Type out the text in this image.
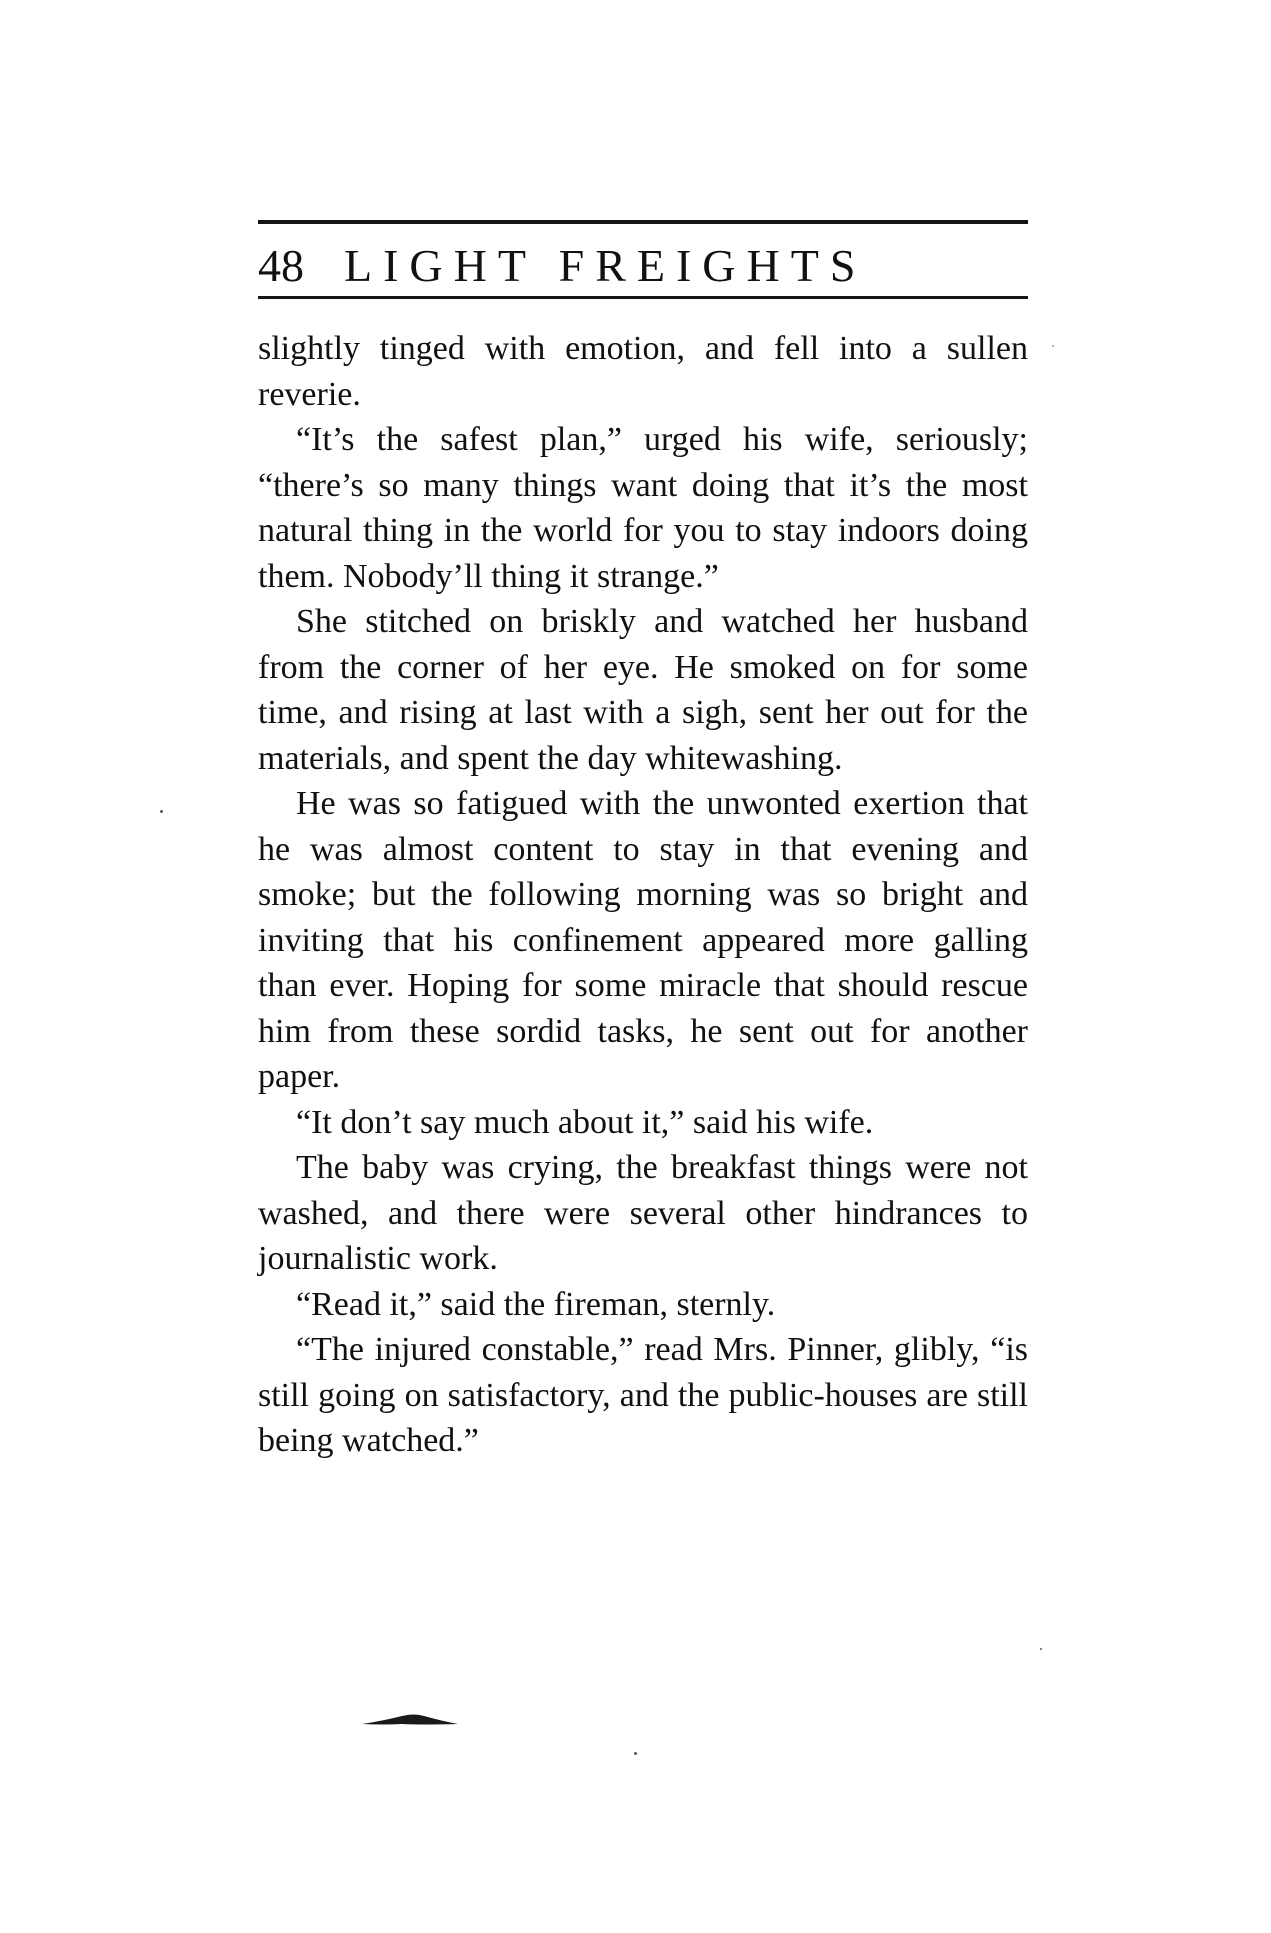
48 LIGHT FREIGHTS

slightly tinged with emotion, and fell into a sullen reverie.

“It’s the safest plan,” urged his wife, seriously; “there’s so many things want doing that it’s the most natural thing in the world for you to stay indoors doing them. Nobody’ll thing it strange.”

She stitched on briskly and watched her husband from the corner of her eye. He smoked on for some time, and rising at last with a sigh, sent her out for the materials, and spent the day whitewashing.

He was so fatigued with the unwonted exertion that he was almost content to stay in that evening and smoke; but the following morning was so bright and inviting that his confinement appeared more galling than ever. Hoping for some miracle that should rescue him from these sordid tasks, he sent out for another paper.

“It don’t say much about it,” said his wife.

The baby was crying, the breakfast things were not washed, and there were several other hindrances to journalistic work.

“Read it,” said the fireman, sternly.

“The injured constable,” read Mrs. Pinner, glibly, “is still going on satisfactory, and the public-houses are still being watched.”
